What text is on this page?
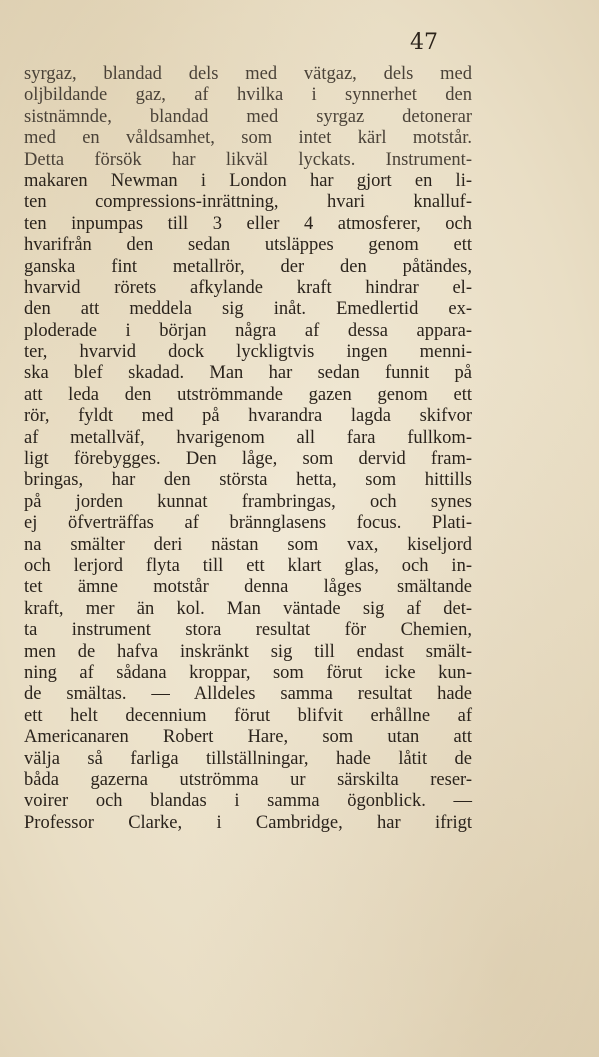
47
syrgaz, blandad dels med vätgaz, dels med
oljbildande gaz, af hvilka i synnerhet den
sistnämnde, blandad med syrgaz detonerar
med en våldsamhet, som intet kärl motstår.
Detta försök har likväl lyckats. Instrument-
makaren Newman i London har gjort en li-
ten compressions-inrättning, hvari knalluf-
ten inpumpas till 3 eller 4 atmosferer, och
hvarifrån den sedan utsläppes genom ett
ganska fint metallrör, der den påtändes,
hvarvid rörets afkylande kraft hindrar el-
den att meddela sig inåt. Emedlertid ex-
ploderade i början några af dessa appara-
ter, hvarvid dock lyckligtvis ingen menni-
ska blef skadad. Man har sedan funnit på
att leda den utströmmande gazen genom ett
rör, fyldt med på hvarandra lagda skifvor
af metallväf, hvarigenom all fara fullkom-
ligt förebygges. Den låge, som dervid fram-
bringas, har den största hetta, som hittills
på jorden kunnat frambringas, och synes
ej öfverträffas af brännglasens focus. Plati-
na smälter deri nästan som vax, kiseljord
och lerjord flyta till ett klart glas, och in-
tet ämne motstår denna låges smältande
kraft, mer än kol. Man väntade sig af det-
ta instrument stora resultat för Chemien,
men de hafva inskränkt sig till endast smält-
ning af sådana kroppar, som förut icke kun-
de smältas. — Alldeles samma resultat hade
ett helt decennium förut blifvit erhållne af
Americanaren Robert Hare, som utan att
välja så farliga tillställningar, hade låtit de
båda gazerna utströmma ur särskilta reser-
voirer och blandas i samma ögonblick. —
Professor Clarke, i Cambridge, har ifrigt
